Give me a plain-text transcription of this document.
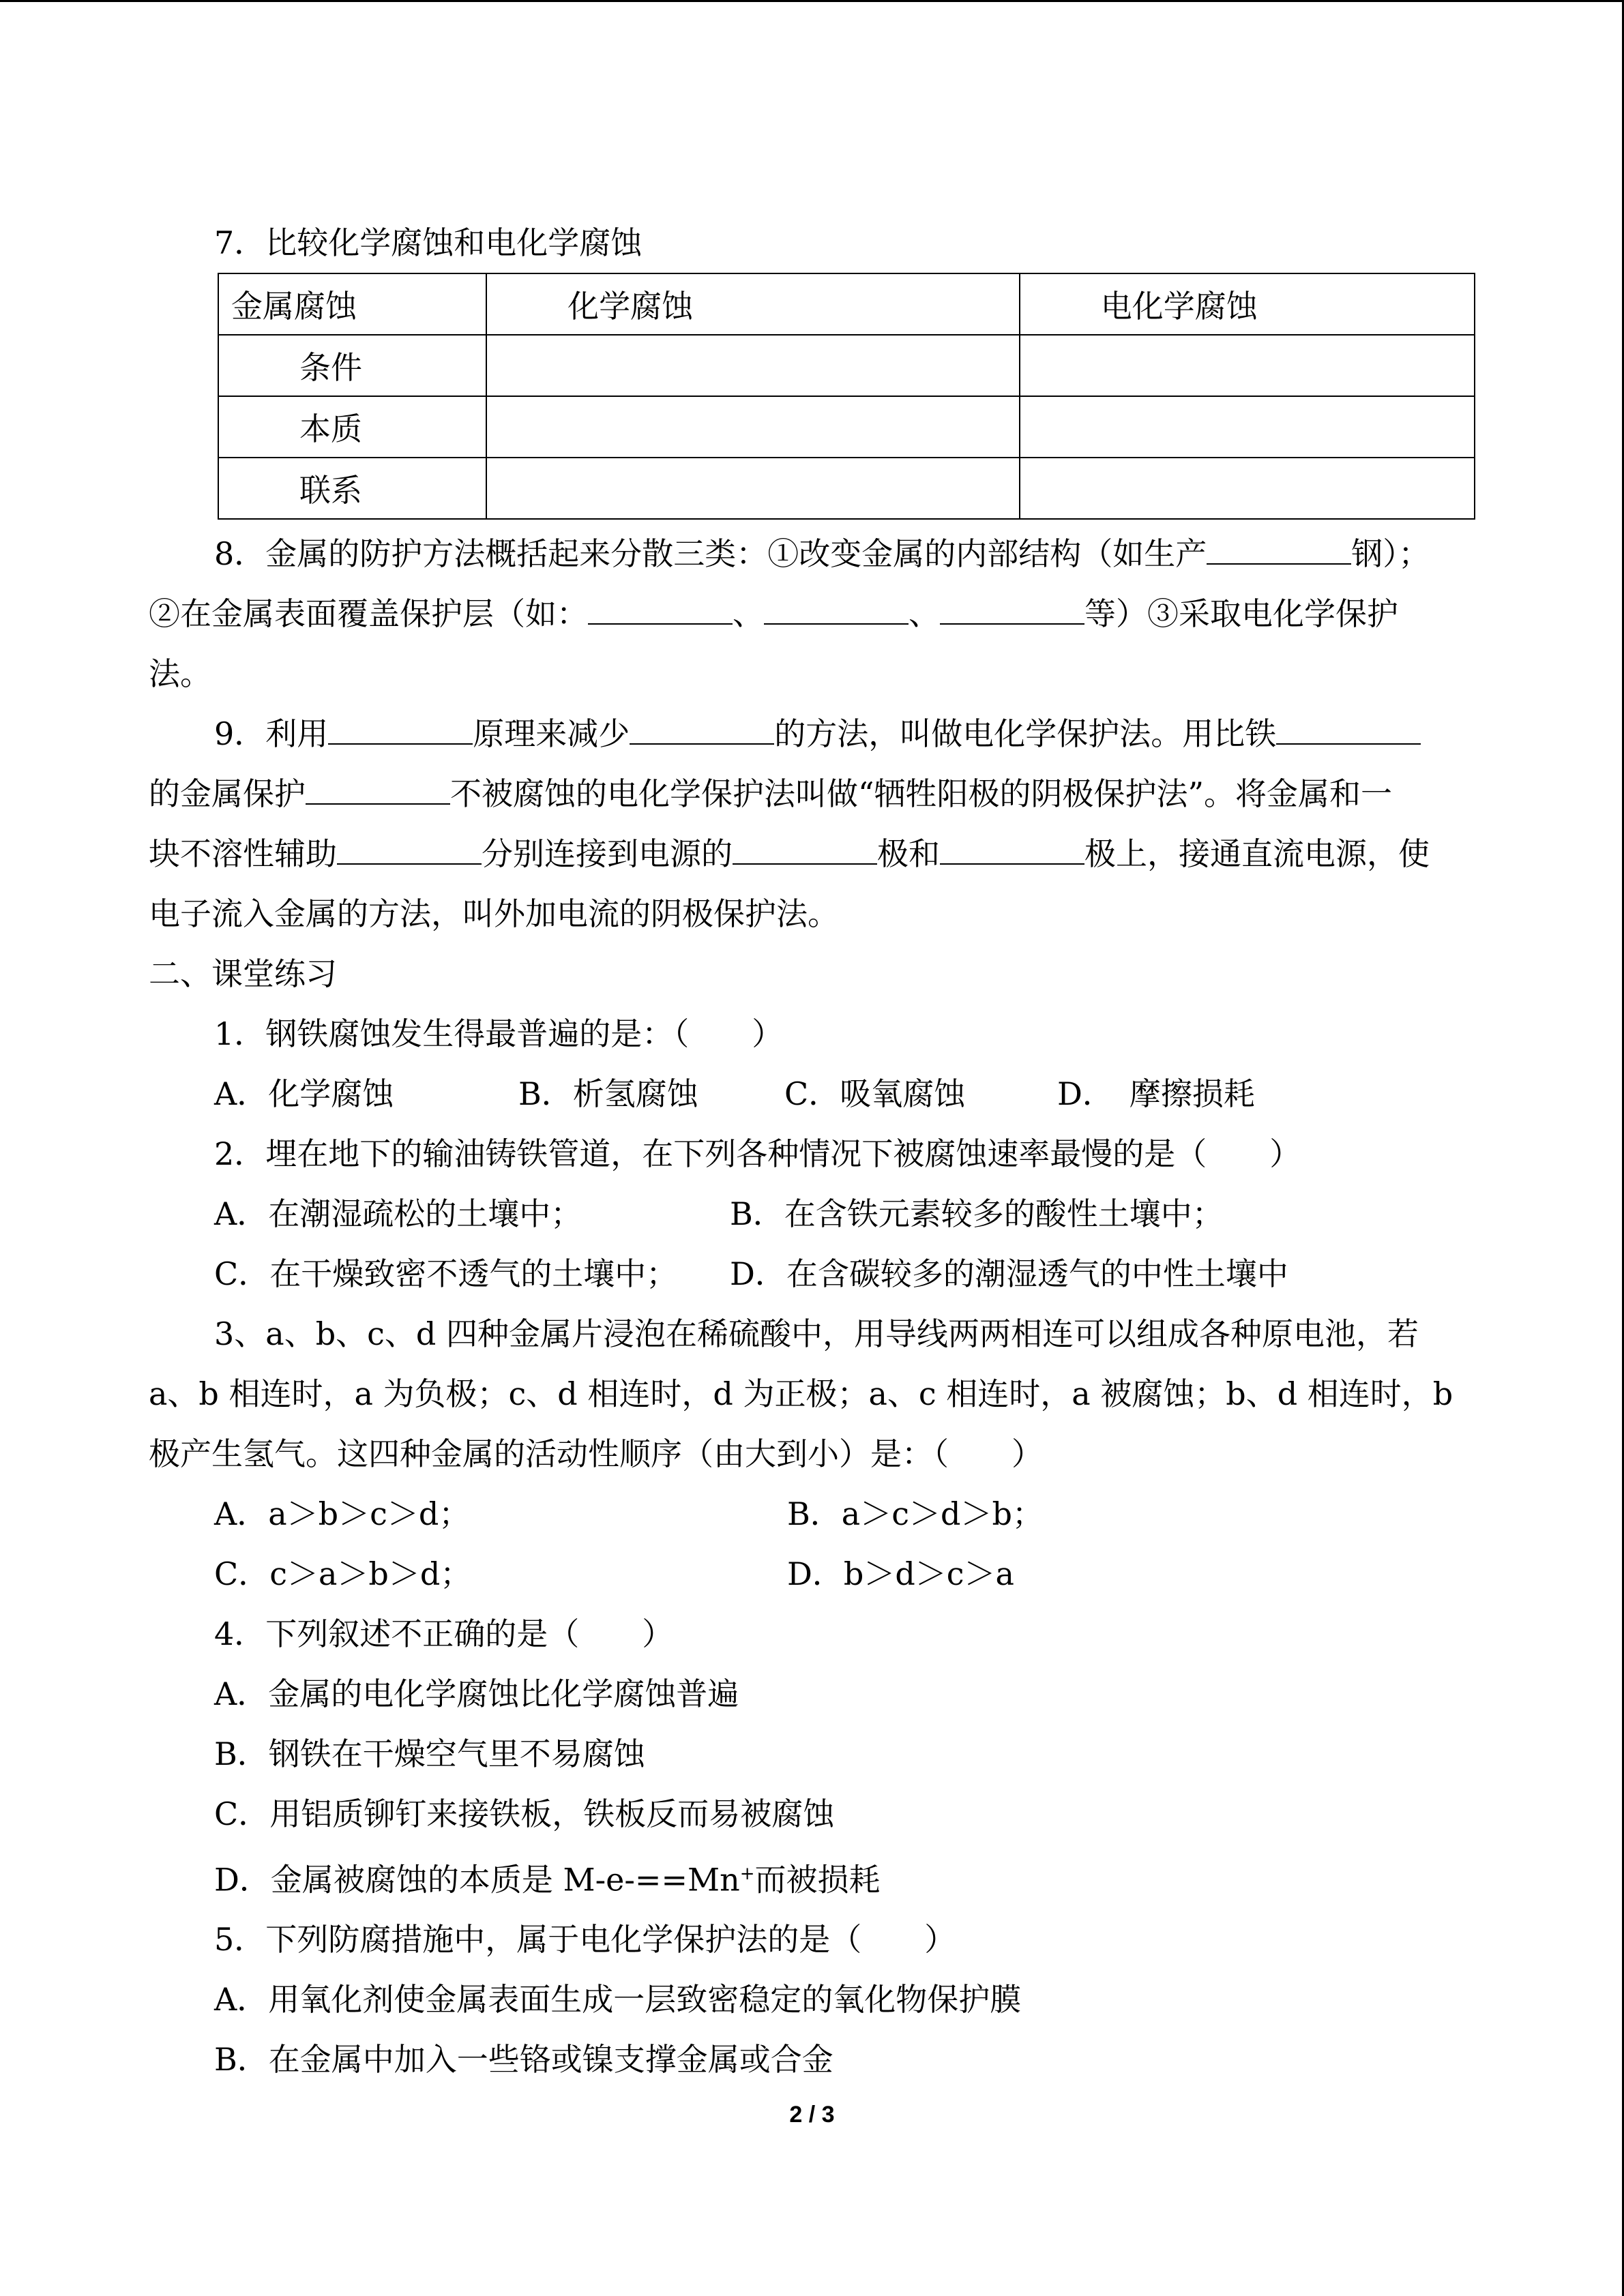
7．比较化学腐蚀和电化学腐蚀

金属腐蚀	化学腐蚀	电化学腐蚀
条件		
本质		
联系		

8．金属的防护方法概括起来分散三类：①改变金属的内部结构（如生产	钢）；

②在金属表面覆盖保护层（如：	、	、	等）③采取电化学保护

法。

9．利用	原理来减少	的方法，叫做电化学保护法。用比铁

的金属保护	不被腐蚀的电化学保护法叫做“牺牲阳极的阴极保护法”。将金属和一

块不溶性辅助	分别连接到电源的	极和	极上，接通直流电源，使

电子流入金属的方法，叫外加电流的阴极保护法。

二、课堂练习

1．钢铁腐蚀发生得最普遍的是：（　　）

A．化学腐蚀	B．析氢腐蚀	C．吸氧腐蚀	D．　摩擦损耗

2．埋在地下的输油铸铁管道，在下列各种情况下被腐蚀速率最慢的是（　　）

A．在潮湿疏松的土壤中；	B．在含铁元素较多的酸性土壤中；
C．在干燥致密不透气的土壤中；	D．在含碳较多的潮湿透气的中性土壤中

3、a、b、c、d 四种金属片浸泡在稀硫酸中，用导线两两相连可以组成各种原电池，若

a、b 相连时，a 为负极；c、d 相连时，d 为正极；a、c 相连时，a 被腐蚀；b、d 相连时，b

极产生氢气。这四种金属的活动性顺序（由大到小）是：（　　）

A．a＞b＞c＞d；	B．a＞c＞d＞b；
C．c＞a＞b＞d；	D．b＞d＞c＞a

4．下列叙述不正确的是（　　）

A．金属的电化学腐蚀比化学腐蚀普遍

B．钢铁在干燥空气里不易腐蚀

C．用铝质铆钉来接铁板，铁板反而易被腐蚀

D．金属被腐蚀的本质是 M-e-==Mn+而被损耗

5．下列防腐措施中，属于电化学保护法的是（　　）

A．用氧化剂使金属表面生成一层致密稳定的氧化物保护膜

B．在金属中加入一些铬或镍支撑金属或合金

2 / 3
